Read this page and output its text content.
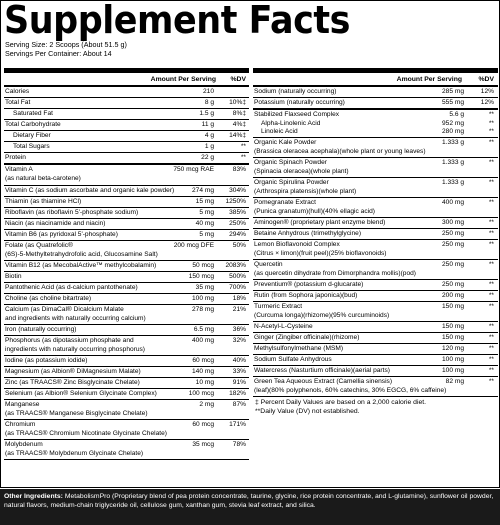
Supplement Facts
Serving Size: 2 Scoops (About 51.5 g)
Servings Per Container: About 14
Amount Per Serving %DV
Calories	210
Total Fat	8 g 10%‡
Saturated Fat	1.5 g	8%‡
Total Carbohydrate	11 g	4%‡
Dietary Fiber	4 g 14%‡
Total Sugars	1 g	**
Protein	22 g	**
Vitamin A
(as natural beta-carotene)
750 mcg RAE	83%
Vitamin C (as sodium ascorbate and organic kale powder)	274 mg 304%
Thiamin (as thiamine HCl)	15 mg 1250%
Riboflavin (as riboflavin 5'-phosphate sodium)	5 mg 385%
Niacin (as niacinamide and niacin)	40 mg 250%
Vitamin B6 (as pyridoxal 5'-phosphate)	5 mg 294%
Folate (as Quatrefolic®
(6S)-5-Methyltetrahydrofolic acid, Glucosamine Salt)
200 mcg DFE	50%
Vitamin B12 (as MecobalActive™ methylcobalamin)	50 mcg 2083%
Biotin	150 mcg 500%
Pantothenic Acid (as d-calcium pantothenate)	35 mg 700%
Choline (as choline bitartrate)	100 mg	18%
Calcium (as DimaCal® Dicalcium Malate
and ingredients with naturally occurring calcium)
278 mg	21%
Iron (naturally occurring)	6.5 mg	36%
Phosphorus (as dipotassium phosphate and
ingredients with naturally occurring phosphorus)
400 mg	32%
Iodine (as potassium iodide)	60 mcg	40%
Magnesium (as Albion® DiMagnesium Malate)	140 mg	33%
Zinc (as TRAACS® Zinc Bisglycinate Chelate)	10 mg	91%
Selenium (as Albion® Selenium Glycinate Complex)	100 mcg 182%
Manganese
(as TRAACS® Manganese Bisglycinate Chelate)
2 mg	87%
Chromium
(as TRAACS® Chromium Nicotinate Glycinate Chelate)
60 mcg 171%
Molybdenum
(as TRAACS® Molybdenum Glycinate Chelate)
35 mcg	78%
Amount Per Serving %DV
Sodium (naturally occurring)	285 mg	12%
Potassium (naturally occurring)	555 mg	12%
Stabilized Flaxseed Complex	5.6 g	**
Alpha-Linolenic Acid	952 mg	**
Linoleic Acid	280 mg	**
Organic Kale Powder
(Brassica oleracea acephala)(whole plant or young leaves)
1.333 g	**
Organic Spinach Powder
(Spinacia oleracea)(whole plant)
1.333 g	**
Organic Spirulina Powder
(Arthrospira platensis)(whole plant)
1.333 g	**
Pomegranate Extract
(Punica granatum)(hull)(40% ellagic acid)
400 mg	**
Aminogen® (proprietary plant enzyme blend)	300 mg	**
Betaine Anhydrous (trimethylglycine)	250 mg	**
Lemon Bioflavonoid Complex
(Citrus × limon)(fruit peel)(25% bioflavonoids)
250 mg	**
Quercetin
(as quercetin dihydrate from Dimorphandra mollis)(pod)
250 mg	**
Preventium® (potassium d-glucarate)	250 mg	**
Rutin (from Sophora japonica)(bud)	200 mg	**
Turmeric Extract
(Curcuma longa)(rhizome)(95% curcuminoids)
150 mg	**
N-Acetyl-L-Cysteine	150 mg	**
Ginger (Zingiber officinale)(rhizome)	150 mg	**
Methylsulfonylmethane (MSM)	120 mg	**
Sodium Sulfate Anhydrous	100 mg	**
Watercress (Nasturtium officinale)(aerial parts)	100 mg	**
Green Tea Aqueous Extract (Camellia sinensis)
(leaf)(80% polyphenols, 60% catechins, 30% EGCG, 6% caffeine)
82 mg	**
‡ Percent Daily Values are based on a 2,000 calorie diet.
**Daily Value (DV) not established.
Other Ingredients: MetabolismPro (Proprietary blend of pea protein concentrate, taurine, glycine, rice protein concentrate, and L-glutamine), sunflower oil powder, natural flavors, medium-chain triglyceride oil, cellulose gum, xanthan gum, stevia leaf extract, and silica.
